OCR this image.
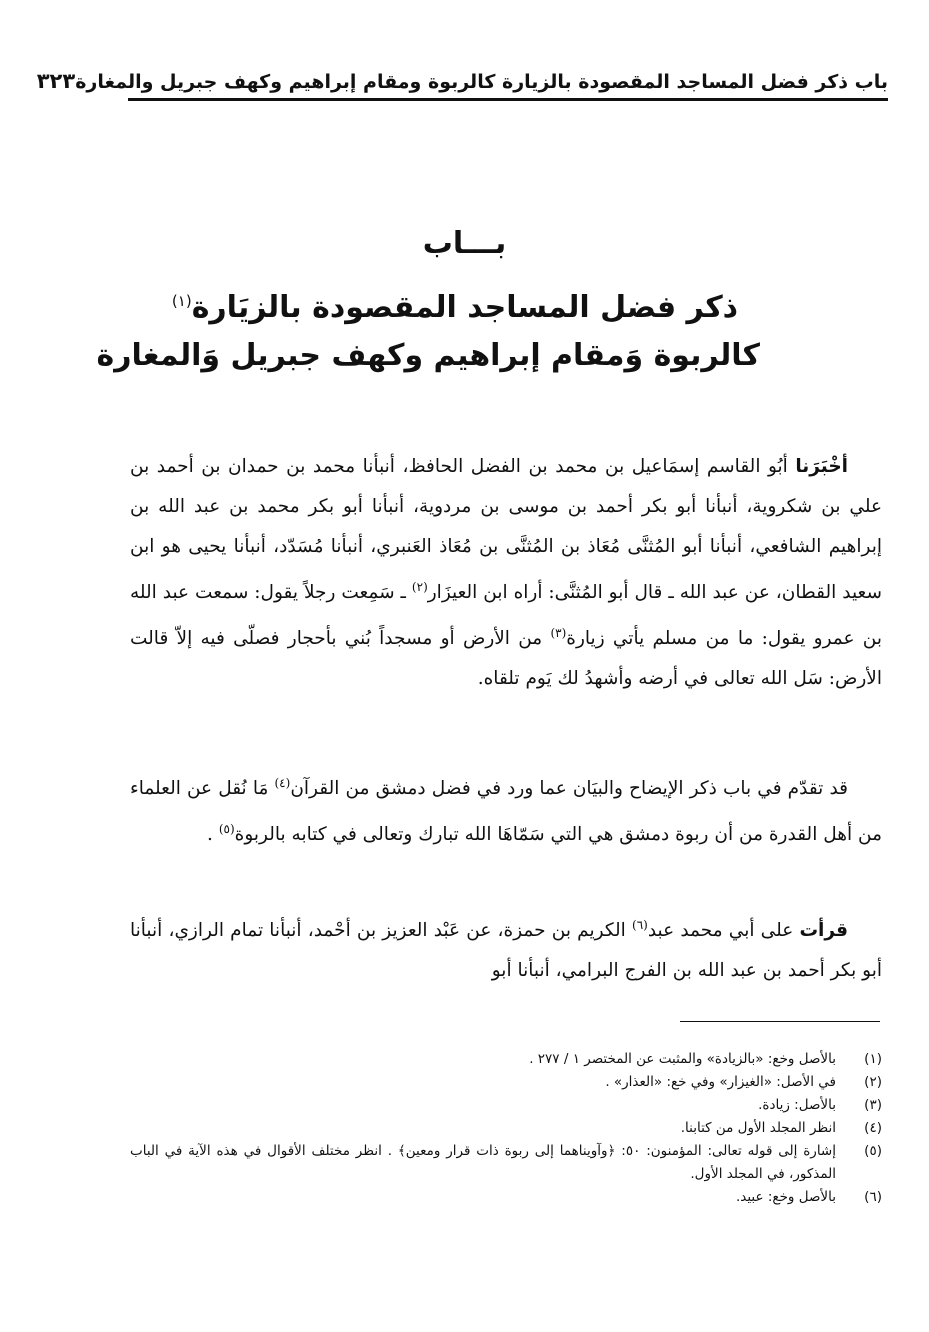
باب ذكر فضل المساجد المقصودة بالزيارة كالربوة ومقام إبراهيم وكهف جبريل والمغارة
٣٢٣
بـــاب
ذكر فضل المساجد المقصودة بالزيَارة$^{(١)}$
كالربوة وَمقام إبراهيم وكهف جبريل وَالمغارة
أخْبَرَنا أبُو القاسم إسمَاعيل بن محمد بن الفضل الحافظ، أنبأنا محمد بن حمدان بن أحمد بن علي بن شكروية، أنبأنا أبو بكر أحمد بن موسى بن مردوية، أنبأنا أبو بكر محمد بن عبد الله بن إبراهيم الشافعي، أنبأنا أبو المُثنَّى مُعَاذ بن المُثنَّى بن مُعَاذ العَنبري، أنبأنا مُسَدّد، أنبأنا يحيى هو ابن سعيد القطان، عن عبد الله ـ قال أبو المُثنَّى: أراه ابن العيزَار$^{(٢)}$ ـ سَمِعت رجلاً يقول: سمعت عبد الله بن عمرو يقول: ما من مسلم يأتي زيارة$^{(٣)}$ من الأرض أو مسجداً بُني بأحجار فصلّى فيه إلاّ قالت الأرض: سَل الله تعالى في أرضه وأشهدُ لك يَوم تلقاه.
قد تقدّم في باب ذكر الإيضاح والبيَان عما ورد في فضل دمشق من القرآن$^{(٤)}$ مَا نُقل عن العلماء من أهل القدرة من أن ربوة دمشق هي التي سَمّاهَا الله تبارك وتعالى في كتابه بالربوة$^{(٥)}$ .
قرأت على أبي محمد عبد$^{(٦)}$ الكريم بن حمزة، عن عَبْد العزيز بن أحْمد، أنبأنا تمام الرازي، أنبأنا أبو بكر أحمد بن عبد الله بن الفرج البرامي، أنبأنا أبو
(١)
بالأصل وخع: «بالزيادة» والمثبت عن المختصر ١ / ٢٧٧ .
(٢)
في الأصل: «الغيزار» وفي خع: «العذار» .
(٣)
بالأصل: زيادة.
(٤)
انظر المجلد الأول من كتابنا.
(٥)
إشارة إلى قوله تعالى: المؤمنون: ٥٠: ﴿وآويناهما إلى ربوة ذات قرار ومعين﴾ . انظر مختلف الأقوال في هذه الآية في الباب المذكور، في المجلد الأول.
(٦)
بالأصل وخع: عبيد.
